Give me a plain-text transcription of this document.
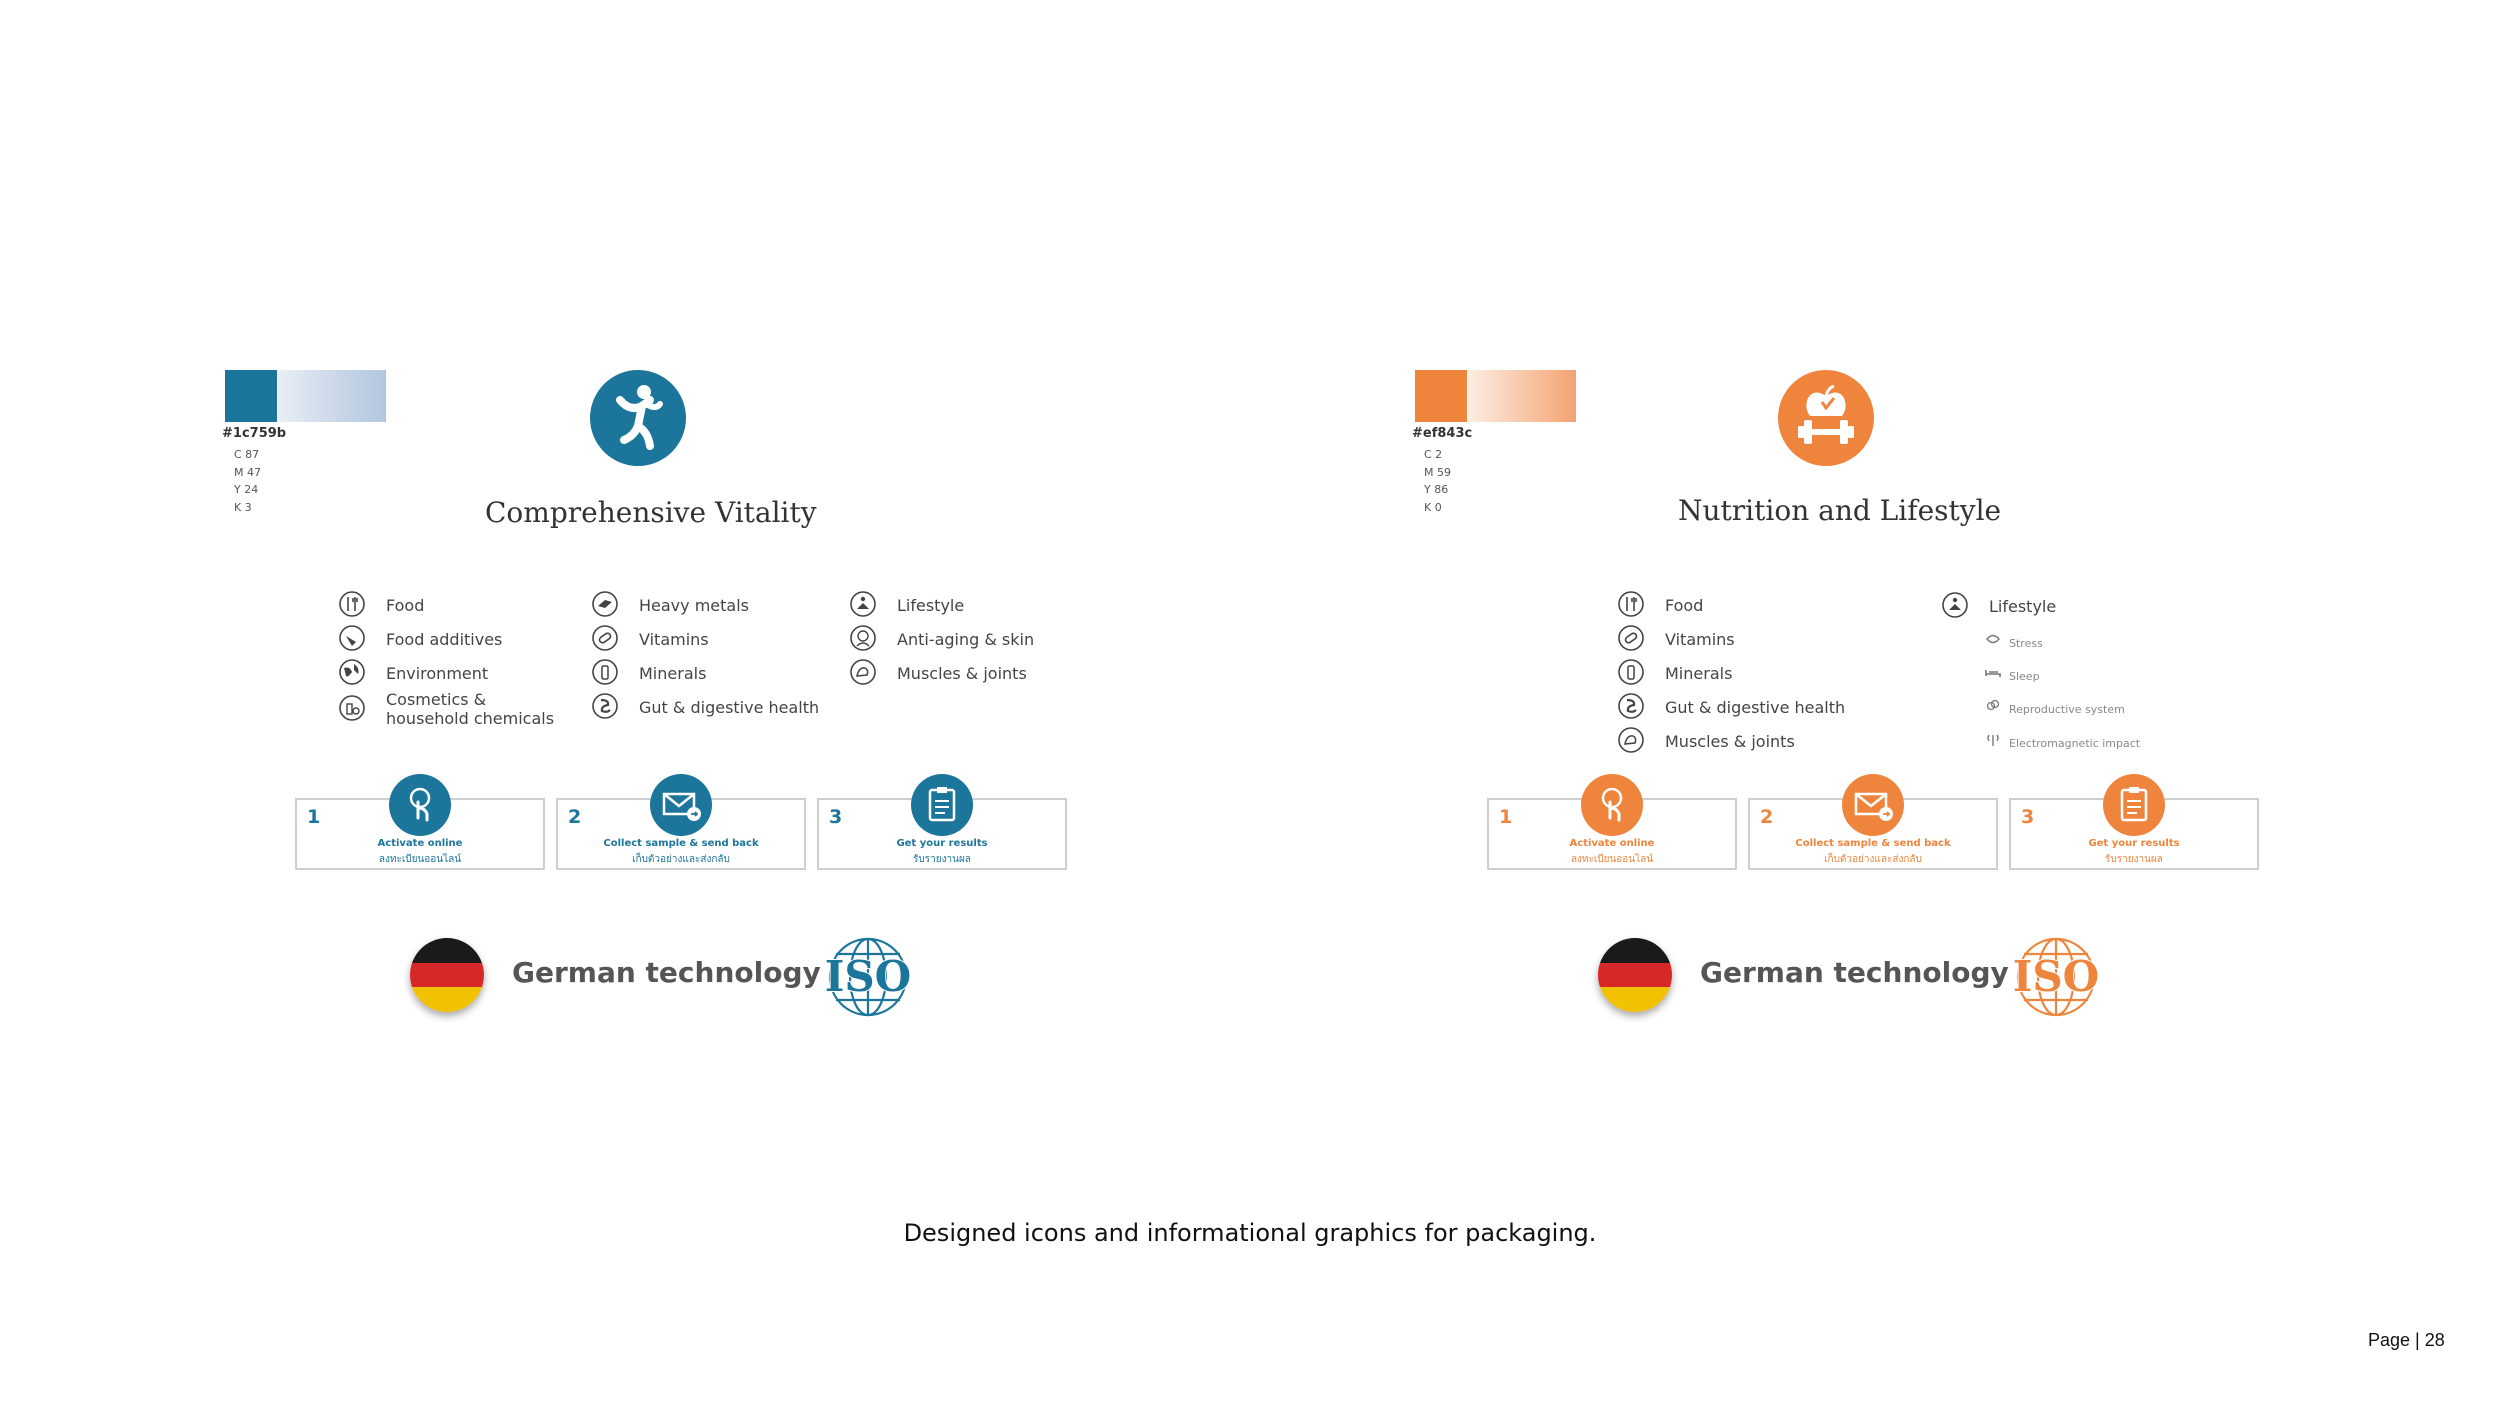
#1c759b
C 87
M 47
Y 24
K 3	Comprehensive Vitality
Food
Food additives
Environment
Cosmetics &
household chemicals
Heavy metals
Vitamins
Minerals
Gut & digestive health
Lifestyle
Anti-aging & skin
Muscles & joints
1
Activate online
ลงทะเบียนออนไลน์
2
Collect sample & send back
เก็บตัวอย่างและส่งกลับ
3
Get your results
รับรายงานผล
German technology ISO
#ef843c
C 2
M 59
Y 86
K 0	Nutrition and Lifestyle
Food
Vitamins
Minerals
Gut & digestive health
Muscles & joints
Lifestyle
Stress
Sleep
Reproductive system
Electromagnetic impact
1
Activate online
ลงทะเบียนออนไลน์
2
Collect sample & send back
เก็บตัวอย่างและส่งกลับ
3
Get your results
รับรายงานผล
German technology ISO
Designed icons and informational graphics for packaging.
Page | 28
